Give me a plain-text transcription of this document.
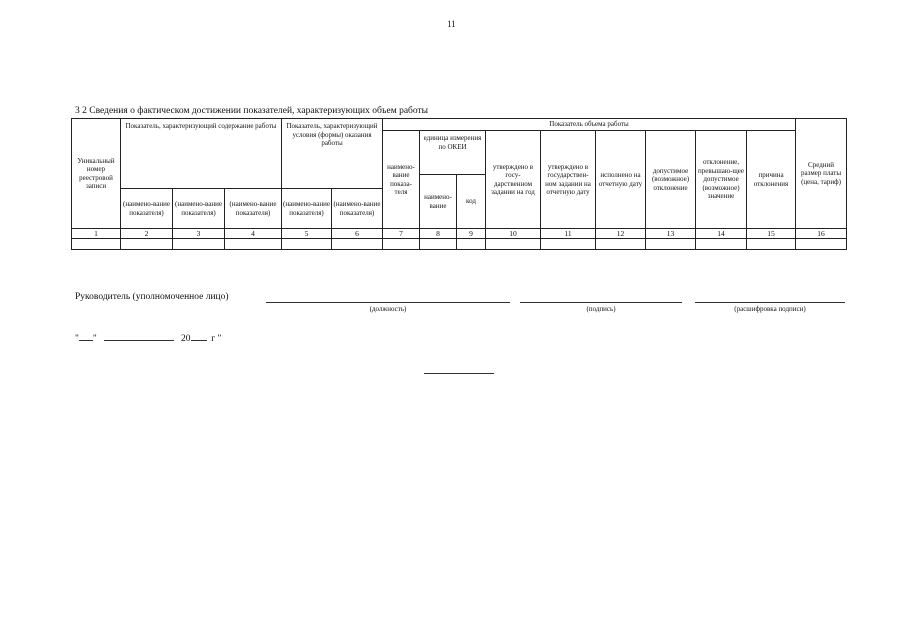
11
3 2 Сведения о фактическом достижении показателей, характеризующих объем работы
Уникальный номер реестровой записи	Показатель, характеризующий содержание работы			Показатель, характеризующий условия (формы) оказания работы		Показатель объема работы									Средний размер платы (цена, тариф)
						наимено-вание показа-теля	единица измерения по ОКЕИ		утверждено в госу-дарственном задании на год	утверждено в государствен-ном задании на отчетную дату	исполнено на отчетную дату	допустимое (возможное) отклонение	отклонение, превышаю-щее допустимое (возможное) значение	причина отклонения	
							наимено-вание	код							
	(наимено-вание показателя)	(наимено-вание показателя)	(наимено-вание показателя)	(наимено-вание показателя)	(наимено-вание показателя)										
1	2	3	4	5	6	7	8	9	10	11	12	13	14	15	16

Руководитель (уполномоченное лицо)
(должность)	(подпись)	(расшифровка подписи)
" "	20 г "
